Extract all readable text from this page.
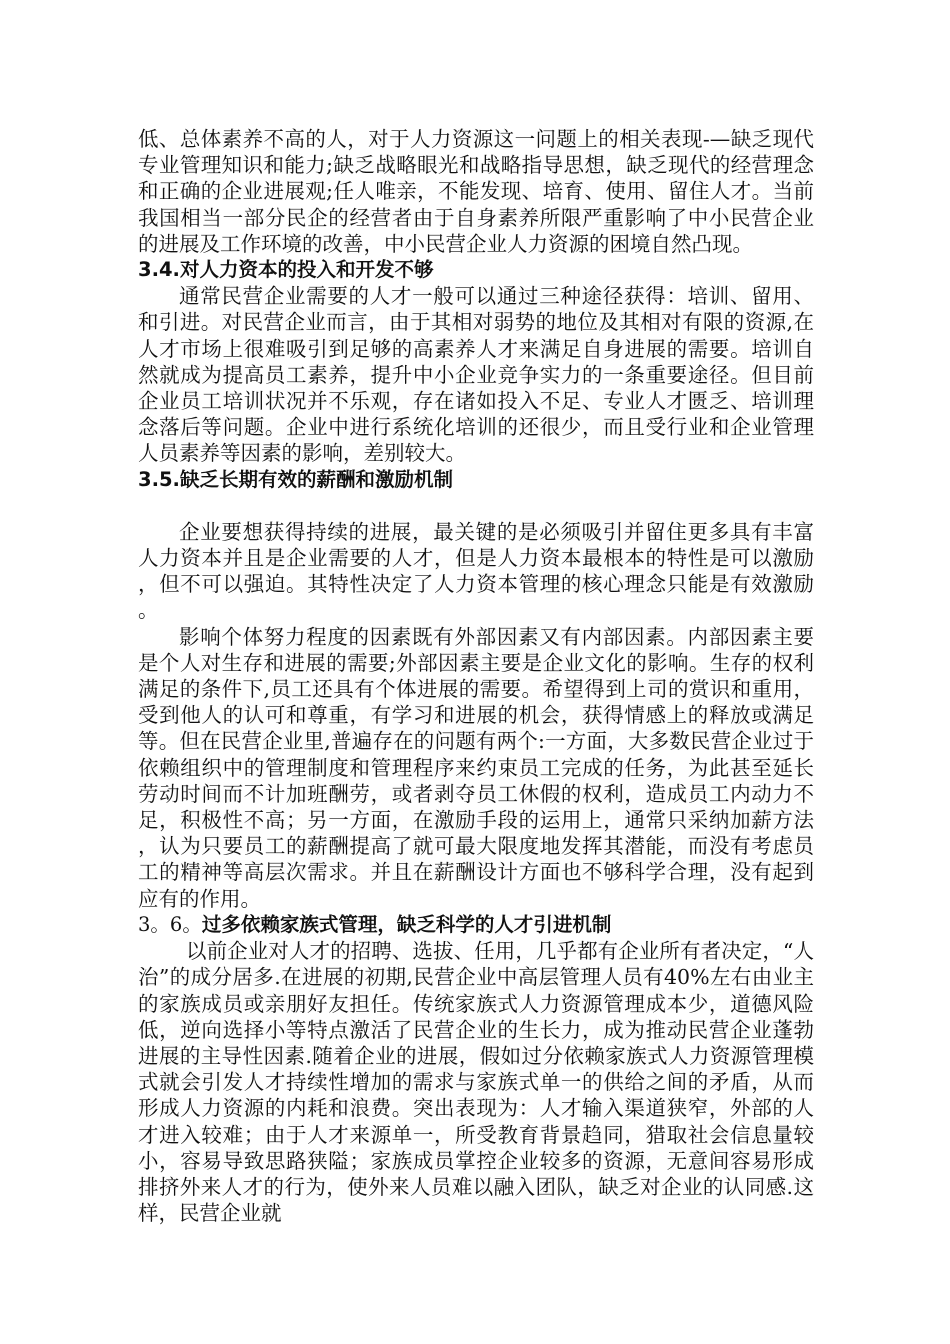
低、总体素养不高的人，对于人力资源这一问题上的相关表现-—缺乏现代专业管理知识和能力;缺乏战略眼光和战略指导思想，缺乏现代的经营理念和正确的企业进展观;任人唯亲，不能发现、培育、使用、留住人才。当前我国相当一部分民企的经营者由于自身素养所限严重影响了中小民营企业的进展及工作环境的改善，中小民营企业人力资源的困境自然凸现。

3.4.对人力资本的投入和开发不够

通常民营企业需要的人才一般可以通过三种途径获得：培训、留用、和引进。对民营企业而言，由于其相对弱势的地位及其相对有限的资源,在人才市场上很难吸引到足够的高素养人才来满足自身进展的需要。培训自然就成为提高员工素养，提升中小企业竞争实力的一条重要途径。但目前企业员工培训状况并不乐观，存在诸如投入不足、专业人才匮乏、培训理念落后等问题。企业中进行系统化培训的还很少，而且受行业和企业管理人员素养等因素的影响，差别较大。

3.5.缺乏长期有效的薪酬和激励机制

企业要想获得持续的进展，最关键的是必须吸引并留住更多具有丰富人力资本并且是企业需要的人才，但是人力资本最根本的特性是可以激励，但不可以强迫。其特性决定了人力资本管理的核心理念只能是有效激励。

影响个体努力程度的因素既有外部因素又有内部因素。内部因素主要是个人对生存和进展的需要;外部因素主要是企业文化的影响。生存的权利满足的条件下,员工还具有个体进展的需要。希望得到上司的赏识和重用，受到他人的认可和尊重，有学习和进展的机会，获得情感上的释放或满足等。但在民营企业里,普遍存在的问题有两个:一方面，大多数民营企业过于依赖组织中的管理制度和管理程序来约束员工完成的任务，为此甚至延长劳动时间而不计加班酬劳，或者剥夺员工休假的权利，造成员工内动力不足，积极性不高；另一方面，在激励手段的运用上，通常只采纳加薪方法，认为只要员工的薪酬提高了就可最大限度地发挥其潜能，而没有考虑员工的精神等高层次需求。并且在薪酬设计方面也不够科学合理，没有起到应有的作用。

3。6。过多依赖家族式管理，缺乏科学的人才引进机制

以前企业对人才的招聘、选拔、任用，几乎都有企业所有者决定，“人治”的成分居多.在进展的初期,民营企业中高层管理人员有40%左右由业主的家族成员或亲朋好友担任。传统家族式人力资源管理成本少，道德风险低，逆向选择小等特点激活了民营企业的生长力，成为推动民营企业蓬勃进展的主导性因素.随着企业的进展，假如过分依赖家族式人力资源管理模式就会引发人才持续性增加的需求与家族式单一的供给之间的矛盾，从而形成人力资源的内耗和浪费。突出表现为：人才输入渠道狭窄，外部的人才进入较难；由于人才来源单一，所受教育背景趋同，猎取社会信息量较小，容易导致思路狭隘；家族成员掌控企业较多的资源，无意间容易形成排挤外来人才的行为，使外来人员难以融入团队，缺乏对企业的认同感.这样，民营企业就
